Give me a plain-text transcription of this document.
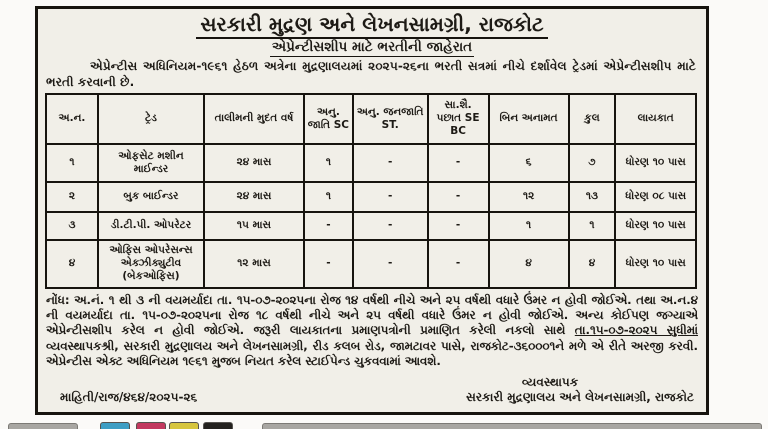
સરકારી મુદ્રણ અને લેખનસામગ્રી, રાજકોટ
એપ્રેન્ટીસશીપ માટે ભરતીની જાહેરાત
એપ્રેન્ટીસ અધિનિયમ-૧૯૬૧ હેઠળ અત્રેના મુદ્રણાલયમાં ૨૦૨૫-૨૬ના ભરતી સત્રમાં નીચે દર્શાવેલ ટ્રેડમાં એપ્રેન્ટીસશીપ માટે ભરતી કરવાની છે.
અ.ન.	ટ્રેડ	તાલીમની મુદત વર્ષ	અનુ. જાતિ SC	અનુ. જનજાતિ ST.	સા.શૈ. પછાત SE BC	બિન અનામત	કુલ	લાયકાત
૧	ઓફસેટ મશીન માઈન્ડર	૨૪ માસ	૧	-	-	૬	૭	ધોરણ ૧૦ પાસ
૨	બુક બાઈન્ડર	૨૪ માસ	૧	-	-	૧૨	૧૩	ધોરણ ૦૮ પાસ
૩	ડી.ટી.પી. ઓપરેટર	૧૫ માસ	-	-	-	૧	૧	ધોરણ ૧૦ પાસ
૪	ઓફિસ ઓપરેસન્સ એક્ઝીક્યુટીવ (બેકઓફિસ)	૧૨ માસ	-	-	-	૪	૪	ધોરણ ૧૦ પાસ
નોંધ: અ.નં. ૧ થી ૩ ની વયમર્યાદા તા. ૧૫-૦૭-૨૦૨૫ના રોજ ૧૪ વર્ષથી નીચે અને ૨૫ વર્ષથી વધારે ઉંમર ન હોવી જોઈએ. તથા અ.ન.૪ ની વયમર્યાદા તા. ૧૫-૦૭-૨૦૨૫ના રોજ ૧૮ વર્ષથી નીચે અને ૨૫ વર્ષથી વધારે ઉંમર ન હોવી જોઈએ. અન્ય કોઈપણ જગ્યાએ એપ્રેન્ટીસશીપ કરેલ ન હોવી જોઈએ. જરૂરી લાયકાતના પ્રમાણપત્રોની પ્રમાણિત કરેલી નકલો સાથે તા.૧૫-૦૭-૨૦૨૫ સુધીમાં વ્યવસ્થાપકશ્રી, સરકારી મુદ્રણાલય અને લેખનસામગ્રી, રીડ કલબ રોડ, જામટાવર પાસે, રાજકોટ-૩૬૦૦૦૧ને મળે એ રીતે અરજી કરવી. એપ્રેન્ટીસ એક્ટ અધિનિયમ ૧૯૬૧ મુજબ નિયત કરેલ સ્ટાઈપેન્ડ ચુકવવામાં આવશે.
માહિતી/રાજ/૪૬૪/૨૦૨૫-૨૬
વ્યવસ્થાપક
સરકારી મુદ્રણાલય અને લેખનસામગ્રી, રાજકોટ
